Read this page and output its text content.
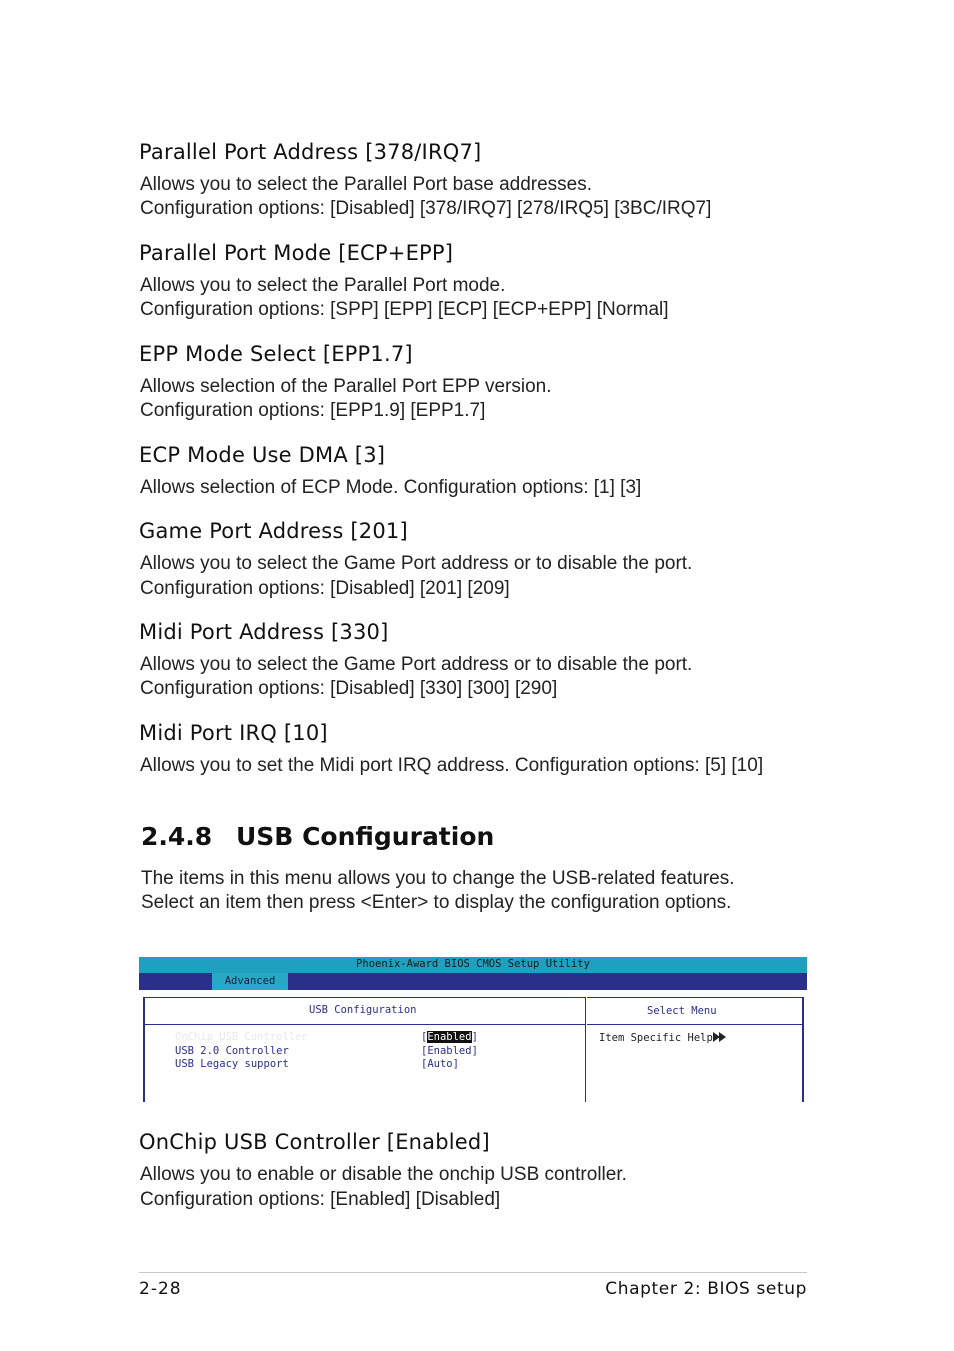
Parallel Port Address [378/IRQ7]

Allows you to select the Parallel Port base addresses.

Configuration options: [Disabled] [378/IRQ7] [278/IRQ5] [3BC/IRQ7]

Parallel Port Mode [ECP+EPP]

Allows you to select the Parallel Port mode.

Configuration options: [SPP] [EPP] [ECP] [ECP+EPP] [Normal]

EPP Mode Select [EPP1.7]

Allows selection of the Parallel Port EPP version.

Configuration options: [EPP1.9] [EPP1.7]

ECP Mode Use DMA [3]

Allows selection of ECP Mode. Configuration options: [1] [3]

Game Port Address [201]

Allows you to select the Game Port address or to disable the port.

Configuration options: [Disabled] [201] [209]

Midi Port Address [330]

Allows you to select the Game Port address or to disable the port.

Configuration options: [Disabled] [330] [300] [290]

Midi Port IRQ [10]

Allows you to set the Midi port IRQ address. Configuration options: [5] [10]

2.4.8 USB Configuration

The items in this menu allows you to change the USB-related features.

Select an item then press <Enter> to display the configuration options.

Phoenix-Award BIOS CMOS Setup Utility
Advanced
USB Configuration
OnChip USB Controller	[Enabled]
USB 2.0 Controller	[Enabled]
USB Legacy support	[Auto]
Select Menu
Item Specific Help
OnChip USB Controller [Enabled]

Allows you to enable or disable the onchip USB controller.

Configuration options: [Enabled] [Disabled]

2-28	Chapter 2: BIOS setup
